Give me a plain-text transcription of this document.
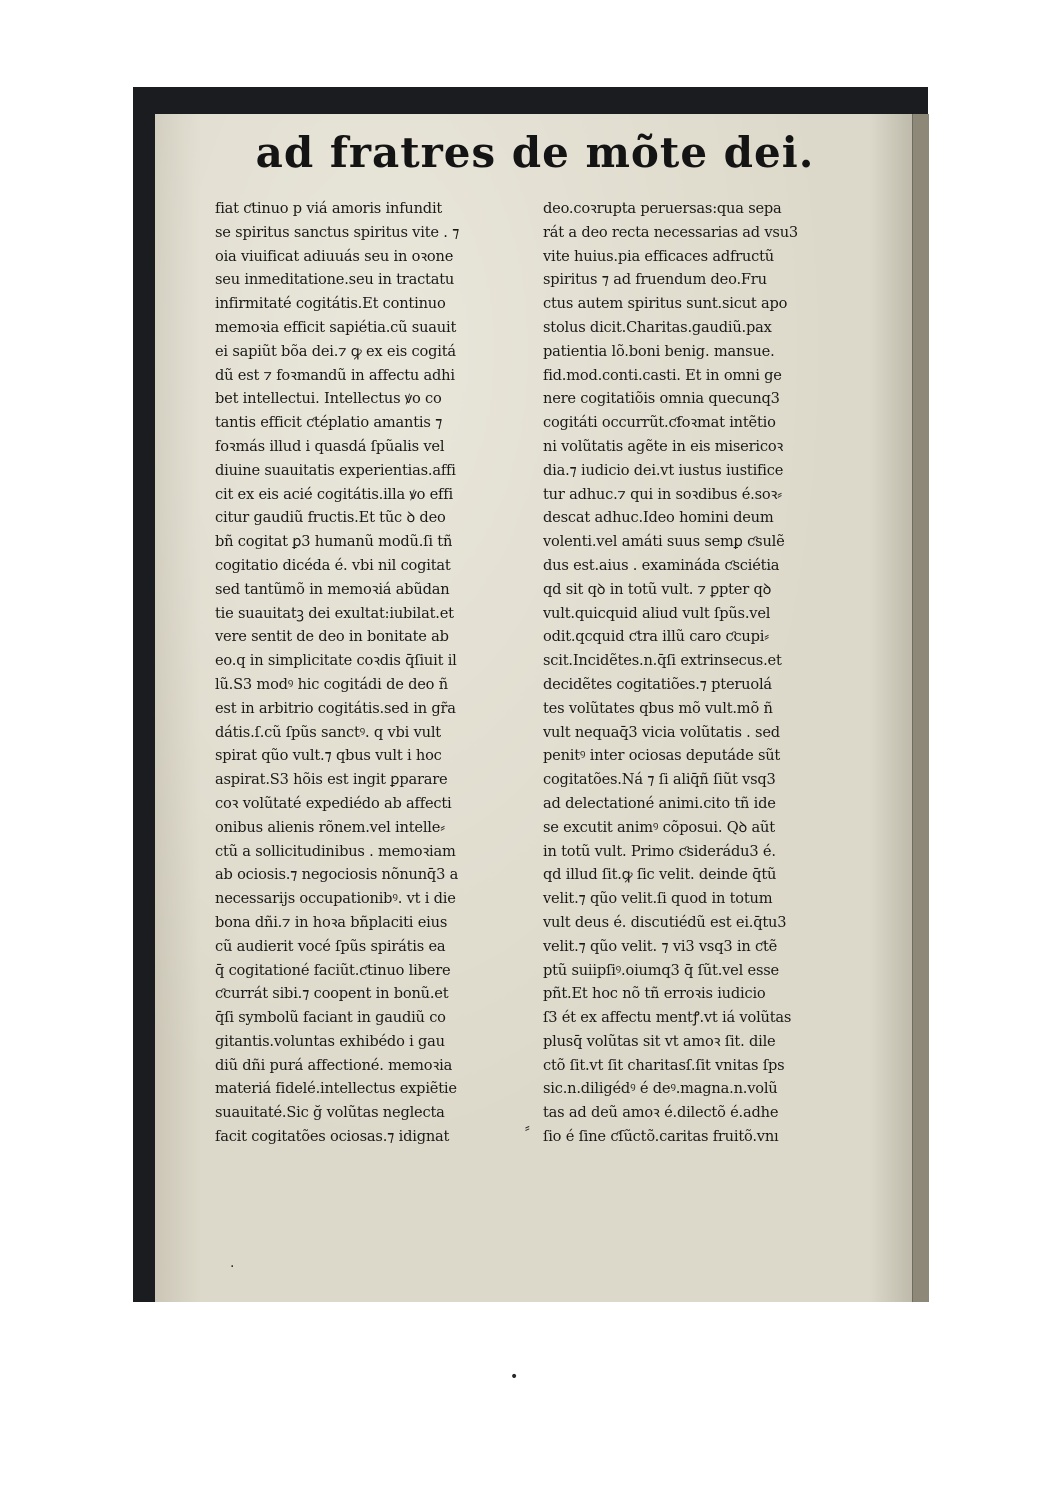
ad fratres de mõte dei.
fiat ƈtinuo p viá amoris infundit
se spiritus sanctus spiritus vite . ⁊
oia viuificat adiuuás seu in oꝛone
seu inmeditatione.seu in tractatu
infirmitaté cogitátis.Et continuo
memoꝛia efficit sapiétia.cũ suauit
ei sapiũt bõa dei.⁊ ꝙ ex eis cogitá
dũ est ⁊ foꝛmandũ in affectu adhi
bet intellectui. Intellectus ꝟo co
tantis efficit ƈtéplatio amantis ⁊
foꝛmás illud i quasdá ſpũalis vel
diuine suauitatis experientias.affi
cit ex eis acié cogitátis.illa ꝟo effi
citur gaudiũ fructis.Et tũc ꝺ deo
bñ cogitat ꝑ3 humanũ modũ.ſi tñ
cogitatio dicéda é. vbi nil cogitat
sed tantũmõ in memoꝛiá abũdan
tie suauitatꝫ dei exultat:iubilat.et
vere sentit de deo in bonitate ab
eo.q in simplicitate coꝛdis q̄ſiuit il
lũ.S3 modꝰ hic cogitádi de deo ñ
est in arbitrio cogitátis.sed in gr̃a
dátis.ſ.cũ ſpũs sanctꝰ. q vbi vult
spirat qũo vult.⁊ qbus vult i hoc
aspirat.S3 hõis est ingit ꝑparare
coꝛ volũtaté expediédo ab affecti
onibus alienis rõnem.vel intelle⸗
ctũ a sollicitudinibus . memoꝛiam
ab ociosis.⁊ negociosis nõnunq̄3 a
necessarijs occupationibꝰ. vt i die
bona dñi.⁊ in hoꝛa bñplaciti eius
cũ audierit vocé ſpũs spirátis ea
q̄ cogitationé faciũt.ƈtinuo libere
ƈcurrát sibi.⁊ coopent in bonũ.et
q̄ſi symbolũ faciant in gaudiũ co
gitantis.voluntas exhibédo i gau
diũ dñi purá affectioné. memoꝛia
materiá fidelé.intellectus expiẽtie
suauitaté.Sic ğ volũtas neglecta
facit cogitatões ociosas.⁊ idignat
deo.coꝛrupta peruersas:qua sepa
rát a deo recta necessarias ad vsu3
vite huius.pia efficaces adfructũ
spiritus ⁊ ad fruendum deo.Fru
ctus autem spiritus sunt.sicut apo
stolus dicit.Charitas.gaudiũ.pax
patientia lõ.boni benig. mansue.
fid.mod.conti.casti. Et in omni ge
nere cogitatiõis omnia quecunq3
cogitáti occurrũt.ƈfoꝛmat intẽtio
ni volũtatis agẽte in eis misericoꝛ
dia.⁊ iudicio dei.vt iustus iustifice
tur adhuc.⁊ qui in soꝛdibus é.soꝛ⸗
descat adhuc.Ideo homini deum
volenti.vel amáti suus semꝑ ƈsulẽ
dus est.aius . examináda ƈsciétia
qd sit qꝺ in totũ vult. ⁊ ꝑpter qꝺ
vult.quicquid aliud vult ſpũs.vel
odit.qcquid ƈtra illũ caro ƈcupi⸗
scit.Incidẽtes.n.q̄ſi extrinsecus.et
decidẽtes cogitatiões.⁊ pteruolá
tes volũtates qbus mõ vult.mõ ñ
vult nequaq̄3 vicia volũtatis . sed
penitꝰ inter ociosas deputáde sũt
cogitatões.Ná ⁊ ſi aliq̄ñ ſiũt vsq3
ad delectationé animi.cito tñ ide
se excutit animꝰ cõposui. Qꝺ aũt
in totũ vult. Primo ƈsiderádu3 é.
qd illud ſit.ꝙ ſic velit. deinde q̄tũ
velit.⁊ qũo velit.ſi quod in totum
vult deus é. discutiédũ est ei.q̄tu3
velit.⁊ qũo velit. ⁊ vi3 vsq3 in ƈtẽ
ptũ suiipſiꝰ.oiumq3 q̄ ſũt.vel esse
pñt.Et hoc nõ tñ erroꝛis iudicio
ſ3 ét ex affectu mentꝭ.vt iá volũtas
plusq̄ volũtas sit vt amoꝛ ſit. dile
ctõ ſit.vt ſit charitasſ.ſit vnitas ſps
sic.n.diligédꝰ é deꝰ.magna.n.volũ
tas ad deũ amoꝛ é.dilectõ é.adhe
ſio é ſine ƈſũctõ.caritas fruitõ.vnı
⸗
·
•
